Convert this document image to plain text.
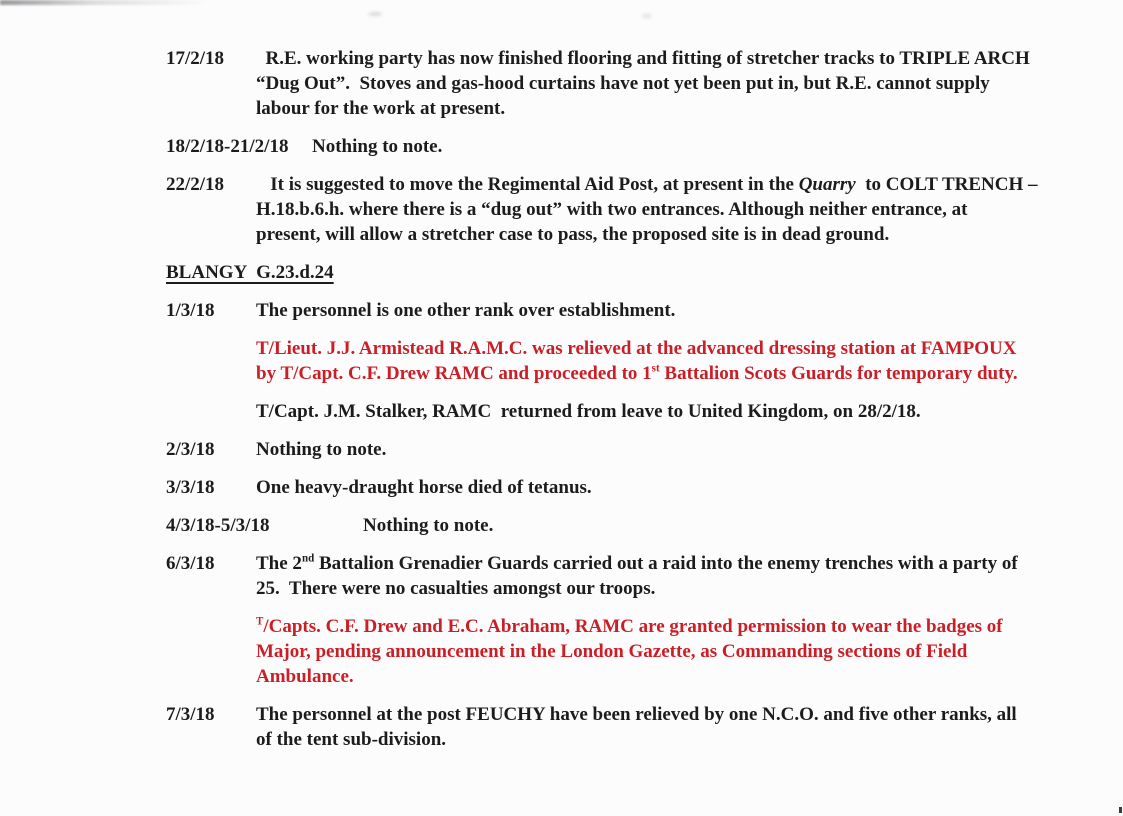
17/2/18 R.E. working party has now finished flooring and fitting of stretcher tracks to TRIPLE ARCH
“Dug Out”.  Stoves and gas-hood curtains have not yet been put in, but R.E. cannot supply
labour for the work at present.
18/2/18-21/2/18 Nothing to note.
22/2/18 It is suggested to move the Regimental Aid Post, at present in the Quarry  to COLT TRENCH –
H.18.b.6.h. where there is a “dug out” with two entrances. Although neither entrance, at
present, will allow a stretcher case to pass, the proposed site is in dead ground.
BLANGY  G.23.d.24
1/3/18 The personnel is one other rank over establishment.
T/Lieut. J.J. Armistead R.A.M.C. was relieved at the advanced dressing station at FAMPOUX
by T/Capt. C.F. Drew RAMC and proceeded to 1st Battalion Scots Guards for temporary duty.
T/Capt. J.M. Stalker, RAMC  returned from leave to United Kingdom, on 28/2/18.
2/3/18 Nothing to note.
3/3/18 One heavy-draught horse died of tetanus.
4/3/18-5/3/18	Nothing to note.
6/3/18 The 2nd Battalion Grenadier Guards carried out a raid into the enemy trenches with a party of
25.  There were no casualties amongst our troops.
$^T$/Capts. C.F. Drew and E.C. Abraham, RAMC are granted permission to wear the badges of
Major, pending announcement in the London Gazette, as Commanding sections of Field
Ambulance.
7/3/18 The personnel at the post FEUCHY have been relieved by one N.C.O. and five other ranks, all
of the tent sub-division.
